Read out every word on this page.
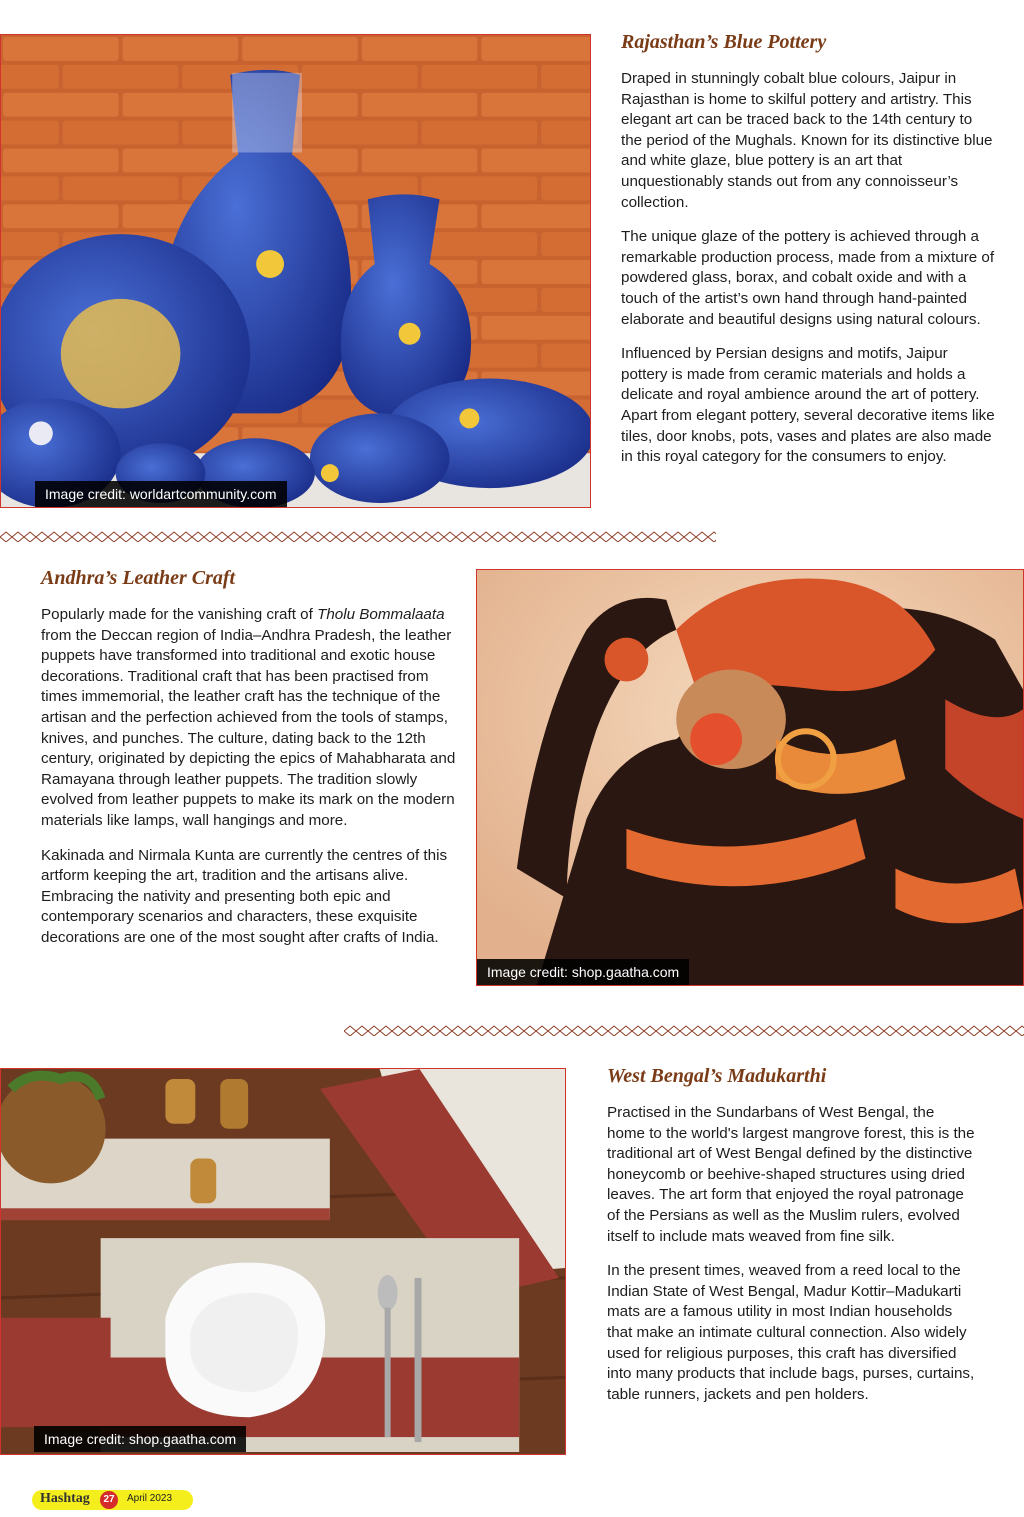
Image credit: worldartcommunity.com
Rajasthan’s Blue Pottery

Draped in stunningly cobalt blue colours, Jaipur in Rajasthan is home to skilful pottery and artistry. This elegant art can be traced back to the 14th century to the period of the Mughals. Known for its distinctive blue and white glaze, blue pottery is an art that unquestionably stands out from any connoisseur’s collection.

The unique glaze of the pottery is achieved through a remarkable production process, made from a mixture of powdered glass, borax, and cobalt oxide and with a touch of the artist’s own hand through hand-painted elaborate and beautiful designs using natural colours.

Influenced by Persian designs and motifs, Jaipur pottery is made from ceramic materials and holds a delicate and royal ambience around the art of pottery. Apart from elegant pottery, several decorative items like tiles, door knobs, pots, vases and plates are also made in this royal category for the consumers to enjoy.

Andhra’s Leather Craft

Popularly made for the vanishing craft of Tholu Bommalaata from the Deccan region of India–Andhra Pradesh, the leather puppets have transformed into traditional and exotic house decorations. Traditional craft that has been practised from times immemorial, the leather craft has the technique of the artisan and the perfection achieved from the tools of stamps, knives, and punches. The culture, dating back to the 12th century, originated by depicting the epics of Mahabharata and Ramayana through leather puppets. The tradition slowly evolved from leather puppets to make its mark on the modern materials like lamps, wall hangings and more.

Kakinada and Nirmala Kunta are currently the centres of this artform keeping the art, tradition and the artisans alive. Embracing the nativity and presenting both epic and contemporary scenarios and characters, these exquisite decorations are one of the most sought after crafts of India.

Image credit: shop.gaatha.com
Image credit: shop.gaatha.com
West Bengal’s Madukarthi

Practised in the Sundarbans of West Bengal, the home to the world's largest mangrove forest, this is the traditional art of West Bengal defined by the distinctive honeycomb or beehive-shaped structures using dried leaves. The art form that enjoyed the royal patronage of the Persians as well as the Muslim rulers, evolved itself to include mats weaved from fine silk.

In the present times, weaved from a reed local to the Indian State of West Bengal, Madur Kottir–Madukarti mats are a famous utility in most Indian households that make an intimate cultural connection. Also widely used for religious purposes, this craft has diversified into many products that include bags, purses, curtains, table runners, jackets and pen holders.

Hashtag	27	April 2023
